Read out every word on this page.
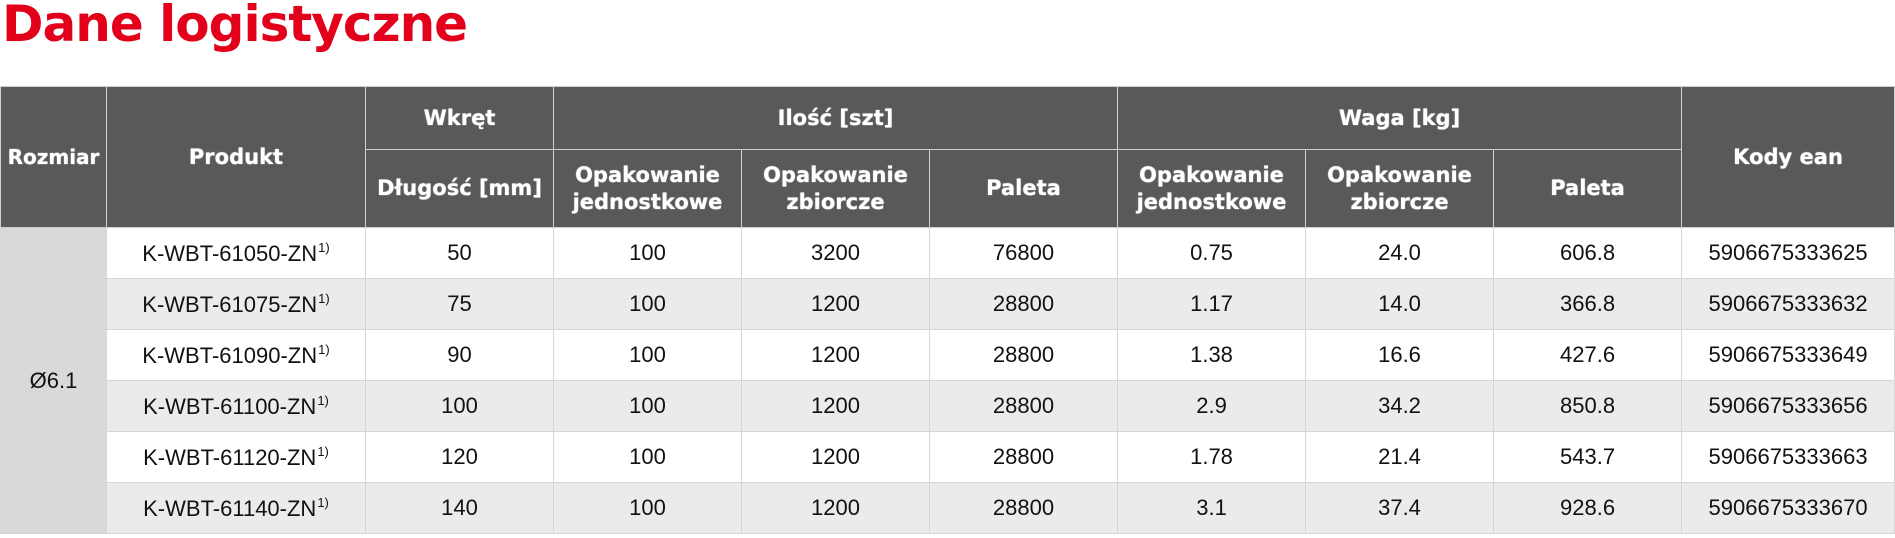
Dane logistyczne
Rozmiar	Produkt	Wkręt	Ilość [szt]			Waga [kg]			Kody ean
		Długość [mm]	Opakowanie jednostkowe	Opakowanie zbiorcze	Paleta	Opakowanie jednostkowe	Opakowanie zbiorcze	Paleta	
Ø6.1	K-WBT-61050-ZN$^{1)}$	50	100	3200	76800	0.75	24.0	606.8	5906675333625
	K-WBT-61075-ZN$^{1)}$	75	100	1200	28800	1.17	14.0	366.8	5906675333632
	K-WBT-61090-ZN$^{1)}$	90	100	1200	28800	1.38	16.6	427.6	5906675333649
	K-WBT-61100-ZN$^{1)}$	100	100	1200	28800	2.9	34.2	850.8	5906675333656
	K-WBT-61120-ZN$^{1)}$	120	100	1200	28800	1.78	21.4	543.7	5906675333663
	K-WBT-61140-ZN$^{1)}$	140	100	1200	28800	3.1	37.4	928.6	5906675333670
